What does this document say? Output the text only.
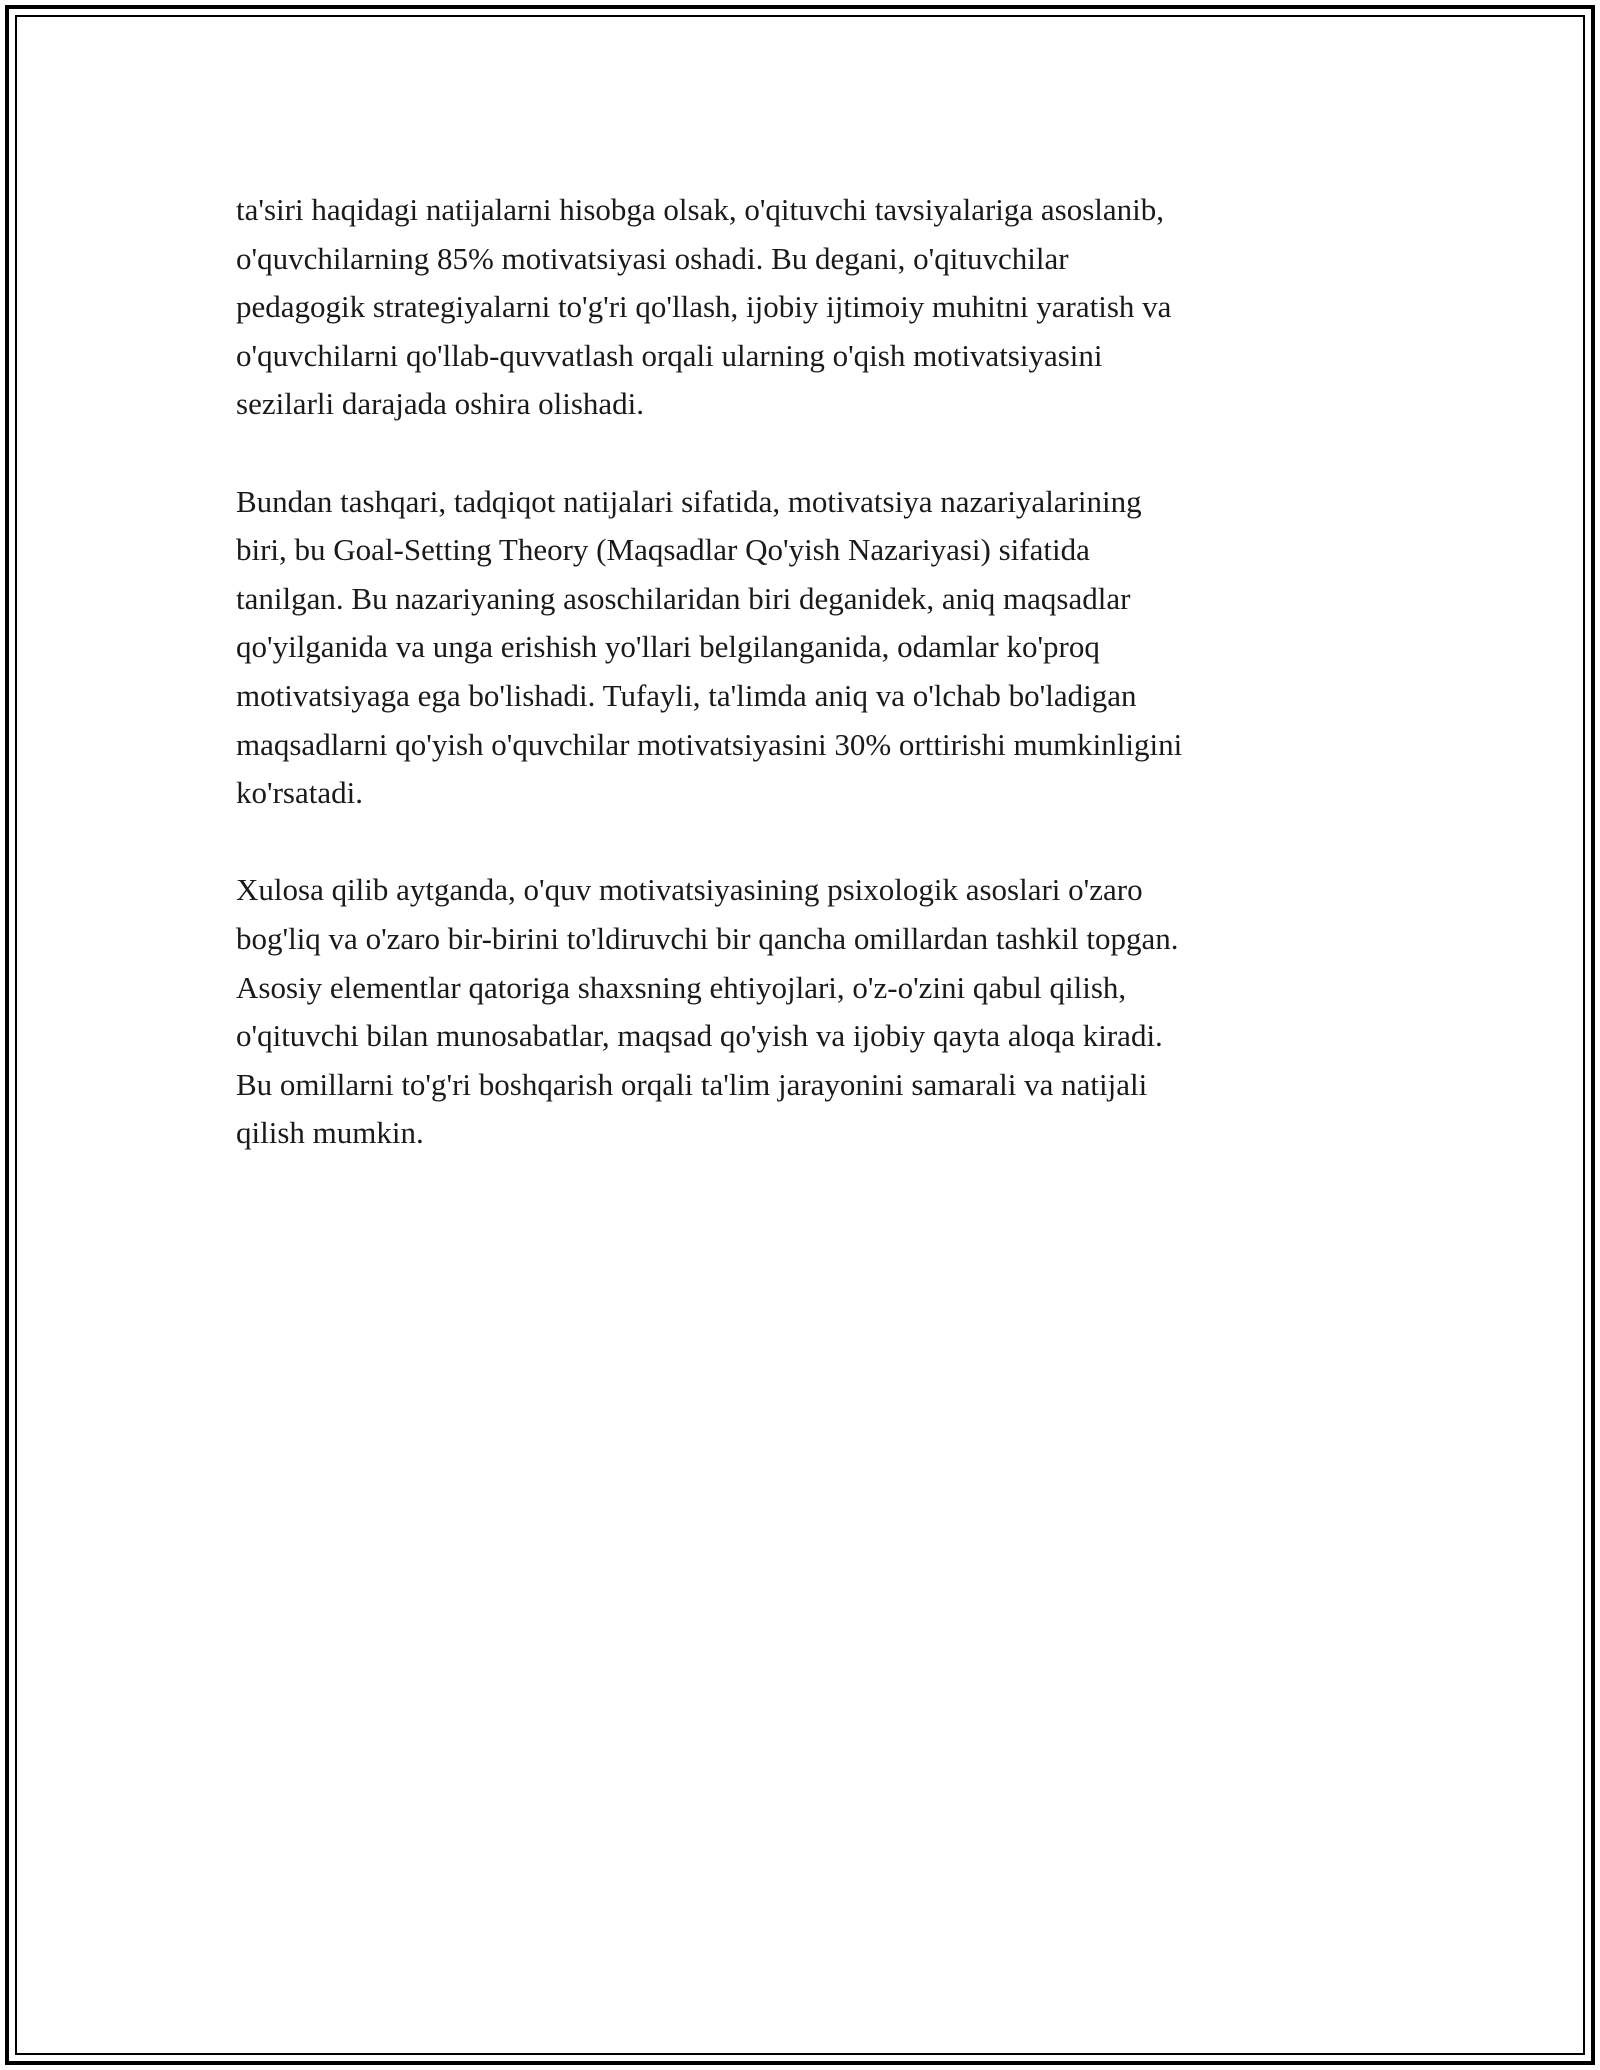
ta'siri haqidagi natijalarni hisobga olsak, o'qituvchi tavsiyalariga asoslanib,
o'quvchilarning 85% motivatsiyasi oshadi. Bu degani, o'qituvchilar
pedagogik strategiyalarni to'g'ri qo'llash, ijobiy ijtimoiy muhitni yaratish va
o'quvchilarni qo'llab-quvvatlash orqali ularning o'qish motivatsiyasini
sezilarli darajada oshira olishadi.

Bundan tashqari, tadqiqot natijalari sifatida, motivatsiya nazariyalarining
biri, bu Goal-Setting Theory (Maqsadlar Qo'yish Nazariyasi) sifatida
tanilgan. Bu nazariyaning asoschilaridan biri deganidek, aniq maqsadlar
qo'yilganida va unga erishish yo'llari belgilanganida, odamlar ko'proq
motivatsiyaga ega bo'lishadi. Tufayli, ta'limda aniq va o'lchab bo'ladigan
maqsadlarni qo'yish o'quvchilar motivatsiyasini 30% orttirishi mumkinligini
ko'rsatadi.

Xulosa qilib aytganda, o'quv motivatsiyasining psixologik asoslari o'zaro
bog'liq va o'zaro bir-birini to'ldiruvchi bir qancha omillardan tashkil topgan.
Asosiy elementlar qatoriga shaxsning ehtiyojlari, o'z-o'zini qabul qilish,
o'qituvchi bilan munosabatlar, maqsad qo'yish va ijobiy qayta aloqa kiradi.
Bu omillarni to'g'ri boshqarish orqali ta'lim jarayonini samarali va natijali
qilish mumkin.
